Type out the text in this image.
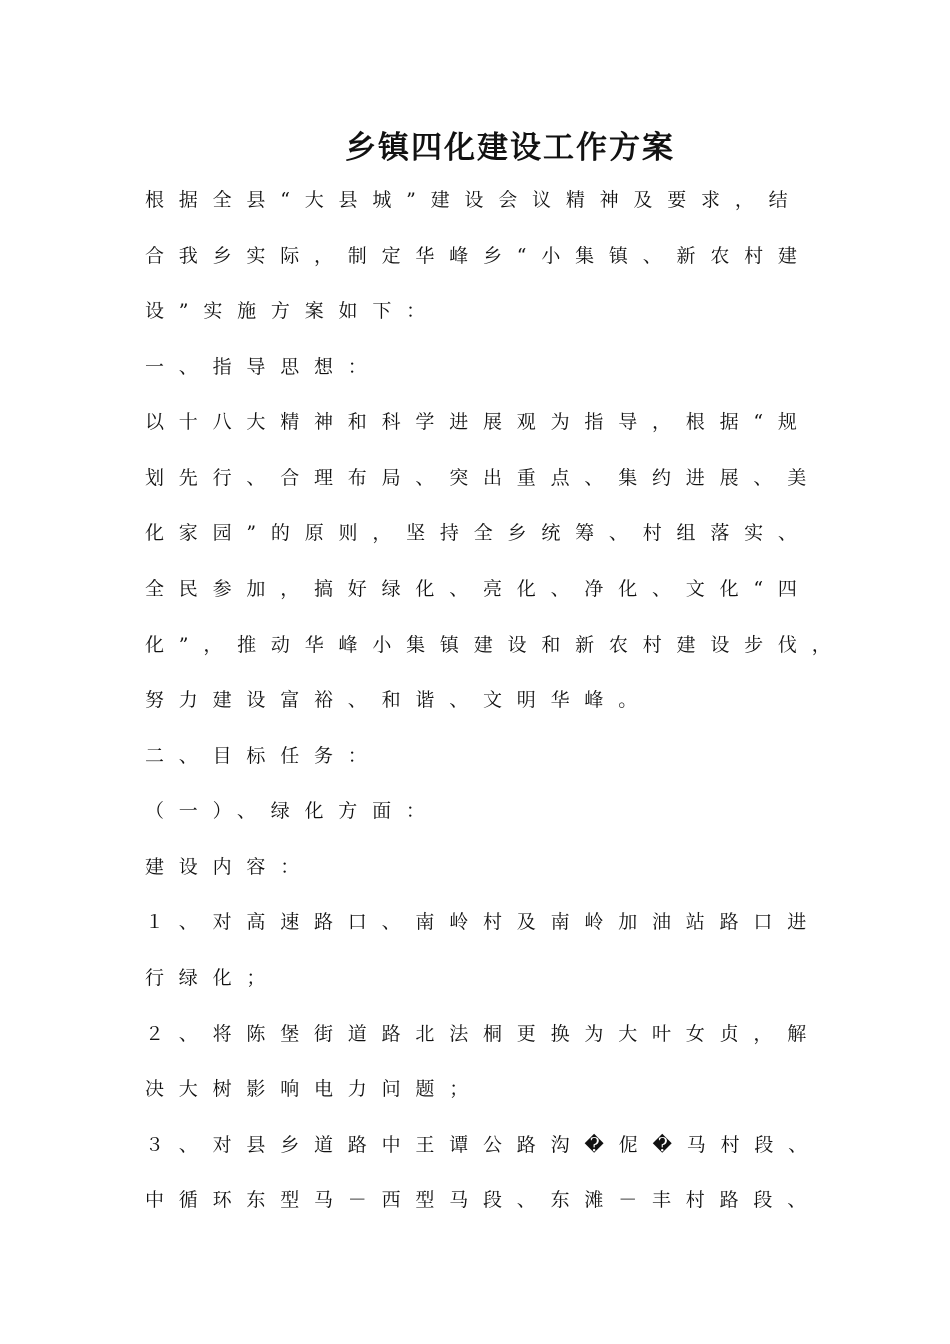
乡镇四化建设工作方案
根据全县“大县城”建设会议精神及要求，结
合我乡实际，制定华峰乡“小集镇、新农村建
设”实施方案如下：
一、指导思想：
以十八大精神和科学进展观为指导，根据“规
划先行、合理布局、突出重点、集约进展、美
化家园”的原则，坚持全乡统筹、村组落实、
全民参加，搞好绿化、亮化、净化、文化“四
化”，推动华峰小集镇建设和新农村建设步伐，
努力建设富裕、和谐、文明华峰。
二、目标任务：
（一）、绿化方面：
建设内容：
１、对高速路口、南岭村及南岭加油站路口进
行绿化；
２、将陈堡街道路北法桐更换为大叶女贞，解
决大树影响电力问题；
３、对县乡道路中王谭公路沟�伲�马村段、
中循环东型马－西型马段、东滩－丰村路段、
